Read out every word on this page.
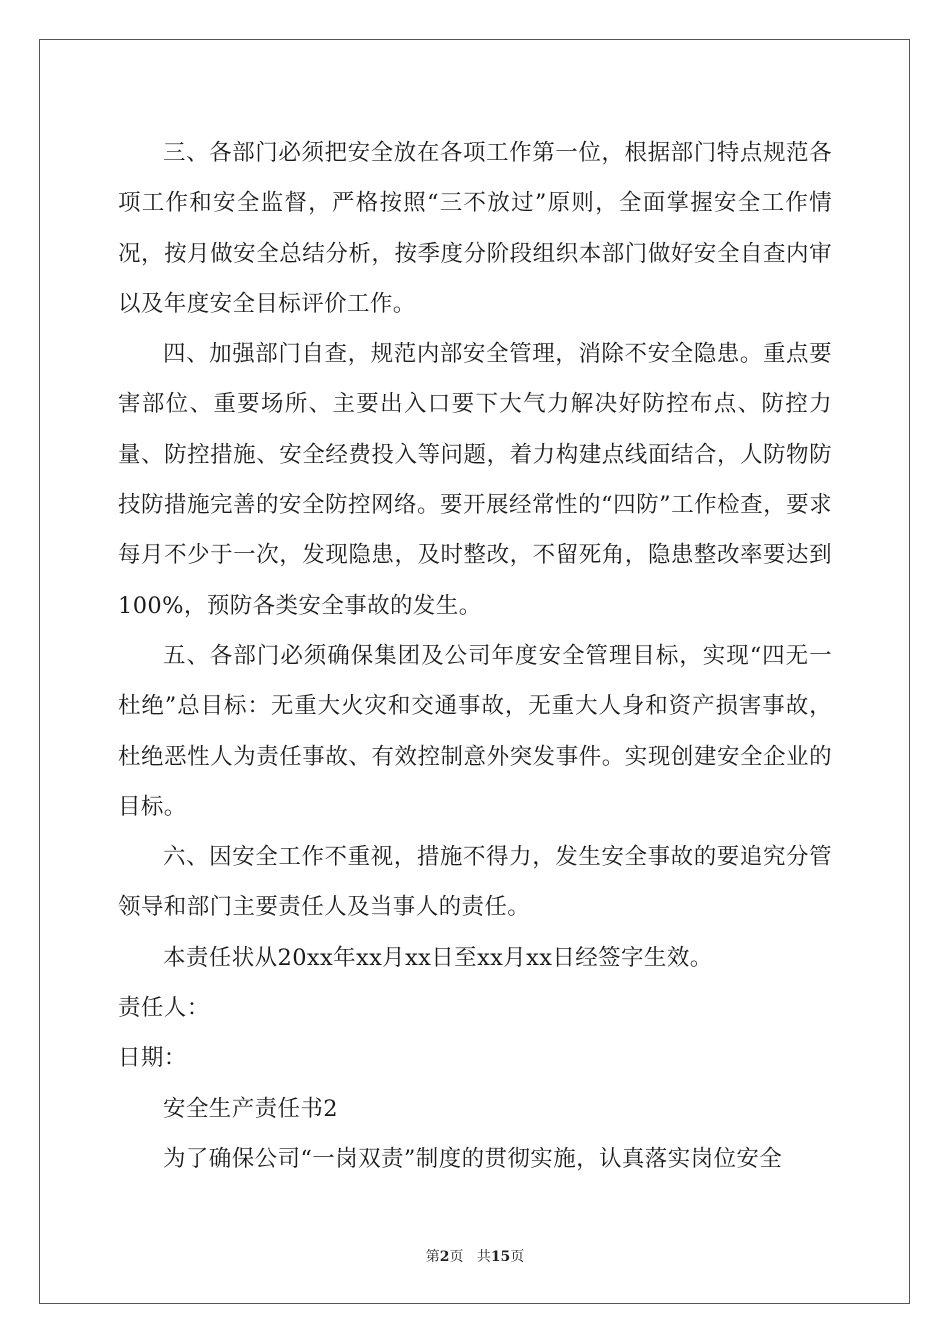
三、各部门必须把安全放在各项工作第一位，根据部门特点规范各项工作和安全监督，严格按照“三不放过”原则，全面掌握安全工作情况，按月做安全总结分析，按季度分阶段组织本部门做好安全自查内审以及年度安全目标评价工作。

四、加强部门自查，规范内部安全管理，消除不安全隐患。重点要害部位、重要场所、主要出入口要下大气力解决好防控布点、防控力量、防控措施、安全经费投入等问题，着力构建点线面结合，人防物防技防措施完善的安全防控网络。要开展经常性的“四防”工作检查，要求每月不少于一次，发现隐患，及时整改，不留死角，隐患整改率要达到100%，预防各类安全事故的发生。

五、各部门必须确保集团及公司年度安全管理目标，实现“四无一杜绝”总目标：无重大火灾和交通事故，无重大人身和资产损害事故，杜绝恶性人为责任事故、有效控制意外突发事件。实现创建安全企业的目标。

六、因安全工作不重视，措施不得力，发生安全事故的要追究分管领导和部门主要责任人及当事人的责任。

本责任状从20xx年xx月xx日至xx月xx日经签字生效。

责任人：

日期：

安全生产责任书2

为了确保公司“一岗双责”制度的贯彻实施，认真落实岗位安全

第2页 共15页
